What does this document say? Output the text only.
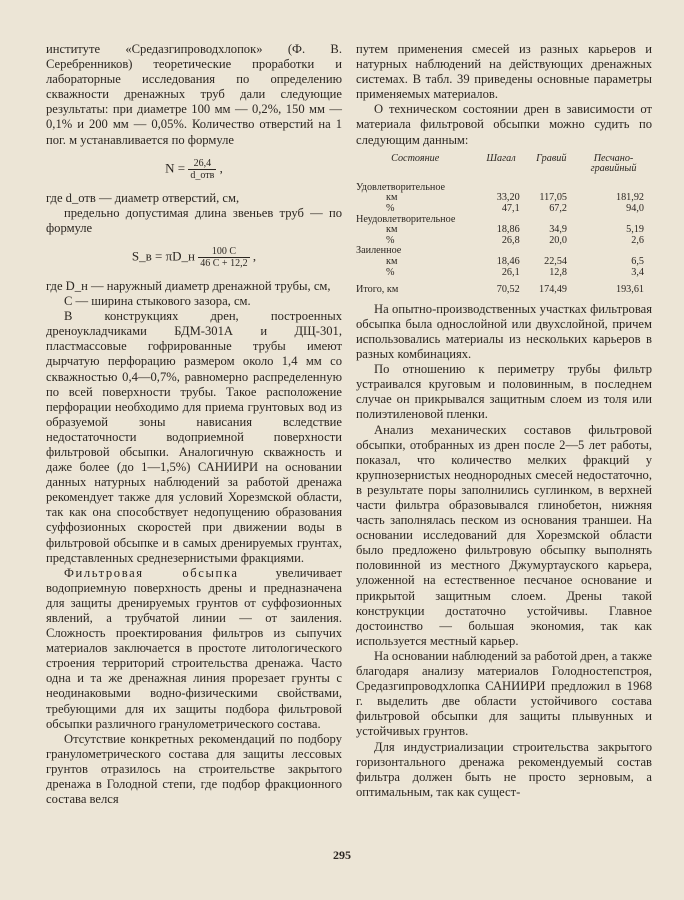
институте «Средазгипроводхлопок» (Ф. В. Серебренников) теоретические проработки и лабораторные исследования по определению скважности дренажных труб дали следующие результаты: при диаметре 100 мм — 0,2%, 150 мм — 0,1% и 200 мм — 0,05%. Количество отверстий на 1 пог. м устанавливается по формуле

$N = \frac{26,4}{\text{d\_отв}}$ ,

где d_отв — диаметр отверстий, см,

предельно допустимая длина звеньев труб — по формуле

S_в = πD_н $\frac{100 C}{46 C + 12,2}$ ,

где D_н — наружный диаметр дренажной трубы, см,

C — ширина стыкового зазора, см.

В конструкциях дрен, построенных дреноукладчиками БДМ-301А и ДЩ-301, пластмассовые гофрированные трубы имеют дырчатую перфорацию размером около 1,4 мм со скважностью 0,4—0,7%, равномерно распределенную по всей поверхности трубы. Такое расположение перфорации необходимо для приема грунтовых вод из образуемой зоны нависания вследствие недостаточности водоприемной поверхности фильтровой обсыпки. Аналогичную скважность и даже более (до 1—1,5%) САНИИРИ на основании данных натурных наблюдений за работой дренажа рекомендует также для условий Хорезмской области, так как она способствует недопущению образования суффозионных скоростей при движении воды в фильтровой обсыпке и в самых дренируемых грунтах, представленных среднезернистыми фракциями.

Фильтровая обсыпка увеличивает водоприемную поверхность дрены и предназначена для защиты дренируемых грунтов от суффозионных явлений, а трубчатой линии — от заиления. Сложность проектирования фильтров из сыпучих материалов заключается в простоте литологического строения территорий строительства дренажа. Часто одна и та же дренажная линия прорезает грунты с неодинаковыми водно-физическими свойствами, требующими для их защиты подбора фильтровой обсыпки различного гранулометрического состава.

Отсутствие конкретных рекомендаций по подбору гранулометрического состава для защиты лессовых грунтов отразилось на строительстве закрытого дренажа в Голодной степи, где подбор фракционного состава велся

путем применения смесей из разных карьеров и натурных наблюдений на действующих дренажных системах. В табл. 39 приведены основные параметры применяемых материалов.

О техническом состоянии дрен в зависимости от материала фильтровой обсыпки можно судить по следующим данным:

Состояние	Шагал	Гравий	Песчано-гравийный
Удовлетворительное			
км	33,20	117,05	181,92
%	47,1	67,2	94,0
Неудовлетворительное			
км	18,86	34,9	5,19
%	26,8	20,0	2,6
Заиленное			
км	18,46	22,54	6,5
%	26,1	12,8	3,4
Итого, км	70,52	174,49	193,61

На опытно-производственных участках фильтровая обсыпка была однослойной или двухслойной, причем использовались материалы из нескольких карьеров в разных комбинациях.

По отношению к периметру трубы фильтр устраивался круговым и половинным, в последнем случае он прикрывался защитным слоем из толя или полиэтиленовой пленки.

Анализ механических составов фильтровой обсыпки, отобранных из дрен после 2—5 лет работы, показал, что количество мелких фракций у крупнозернистых неоднородных смесей недостаточно, в результате поры заполнились суглинком, в верхней части фильтра образовывался глинобетон, нижняя часть заполнялась песком из основания траншеи. На основании исследований для Хорезмской области было предложено фильтровую обсыпку выполнять половинной из местного Джумуртауского карьера, уложенной на естественное песчаное основание и прикрытой защитным слоем. Дрены такой конструкции достаточно устойчивы. Главное достоинство — большая экономия, так как используется местный карьер.

На основании наблюдений за работой дрен, а также благодаря анализу материалов Голодностепстроя, Средазгипроводхлопка САНИИРИ предложил в 1968 г. выделить две области устойчивого состава фильтровой обсыпки для защиты плывунных и устойчивых грунтов.

Для индустриализации строительства закрытого горизонтального дренажа рекомендуемый состав фильтра должен быть не просто зерновым, а оптимальным, так как сущест-

295
